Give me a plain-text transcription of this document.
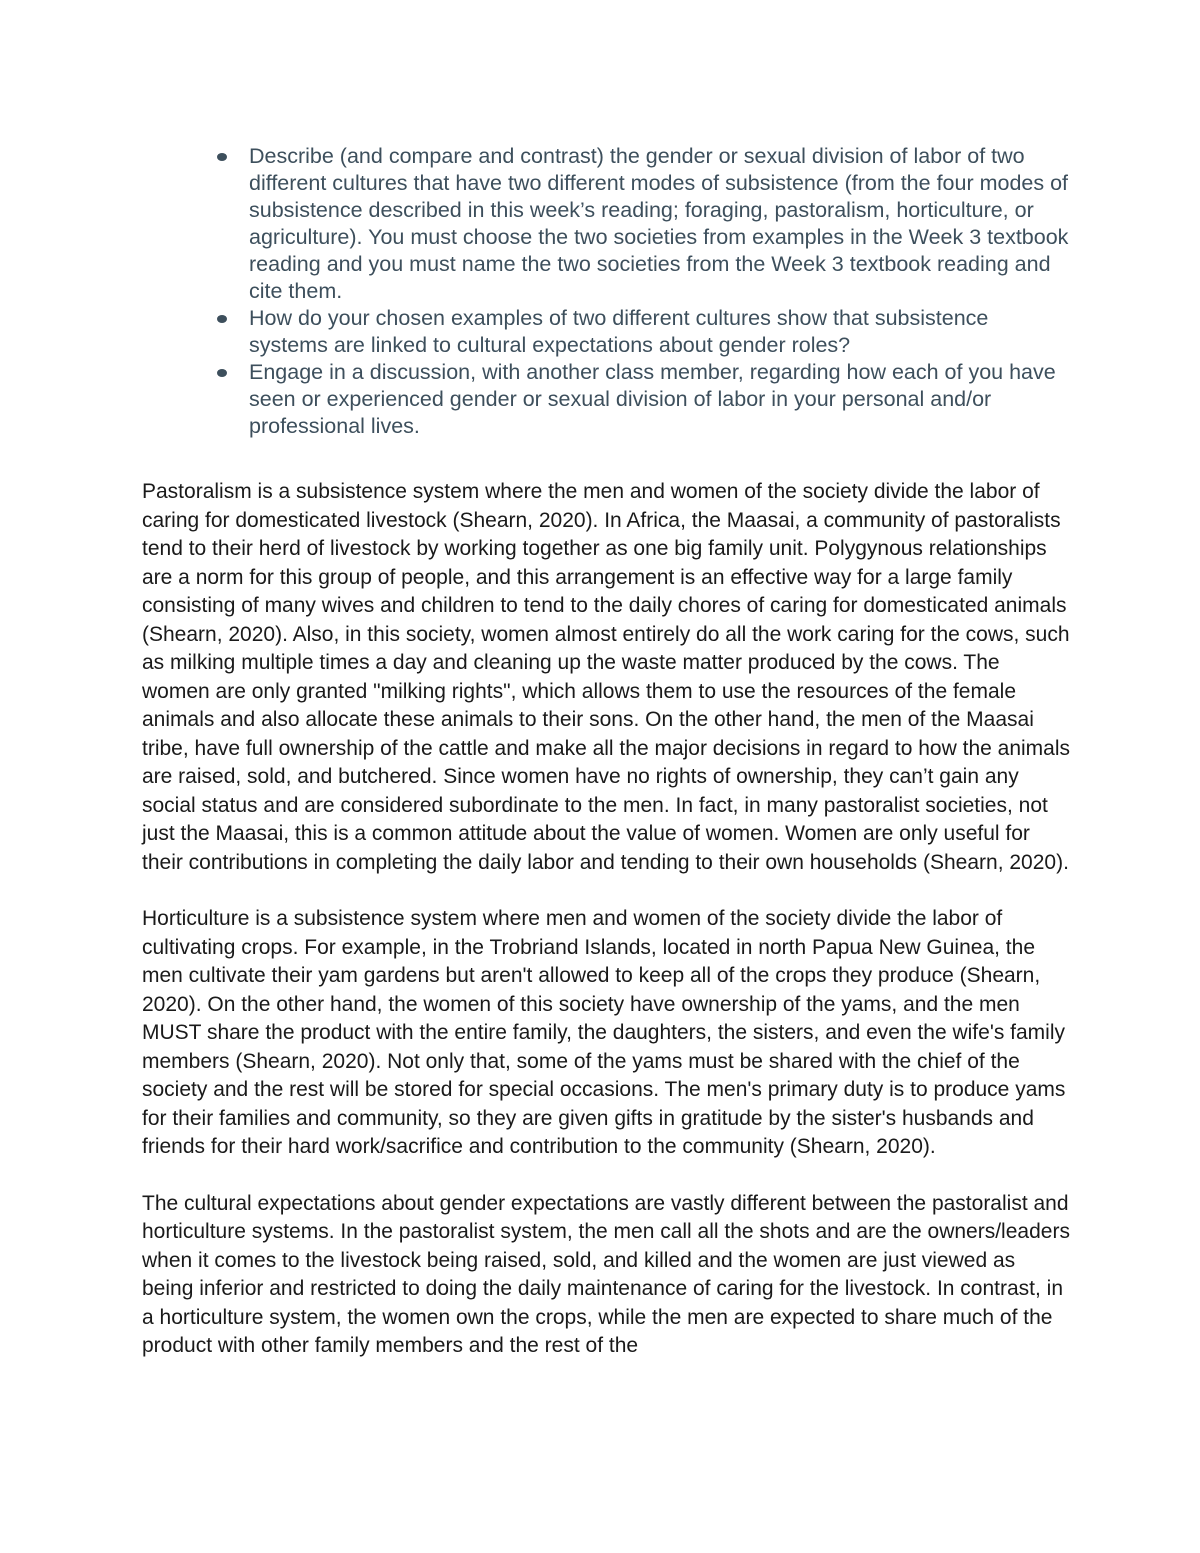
Describe (and compare and contrast) the gender or sexual division of labor of two different cultures that have two different modes of subsistence (from the four modes of subsistence described in this week’s reading; foraging, pastoralism, horticulture, or agriculture). You must choose the two societies from examples in the Week 3 textbook reading and you must name the two societies from the Week 3 textbook reading and cite them.
How do your chosen examples of two different cultures show that subsistence systems are linked to cultural expectations about gender roles?
Engage in a discussion, with another class member, regarding how each of you have seen or experienced gender or sexual division of labor in your personal and/or professional lives.

Pastoralism is a subsistence system where the men and women of the society divide the labor of caring for domesticated livestock (Shearn, 2020). In Africa, the Maasai, a community of pastoralists tend to their herd of livestock by working together as one big family unit. Polygynous relationships are a norm for this group of people, and this arrangement is an effective way for a large family consisting of many wives and children to tend to the daily chores of caring for domesticated animals (Shearn, 2020). Also, in this society, women almost entirely do all the work caring for the cows, such as milking multiple times a day and cleaning up the waste matter produced by the cows. The women are only granted "milking rights", which allows them to use the resources of the female animals and also allocate these animals to their sons. On the other hand, the men of the Maasai tribe, have full ownership of the cattle and make all the major decisions in regard to how the animals are raised, sold, and butchered. Since women have no rights of ownership, they can’t gain any social status and are considered subordinate to the men. In fact, in many pastoralist societies, not just the Maasai, this is a common attitude about the value of women. Women are only useful for their contributions in completing the daily labor and tending to their own households (Shearn, 2020).

Horticulture is a subsistence system where men and women of the society divide the labor of cultivating crops. For example, in the Trobriand Islands, located in north Papua New Guinea, the men cultivate their yam gardens but aren't allowed to keep all of the crops they produce (Shearn, 2020). On the other hand, the women of this society have ownership of the yams, and the men MUST share the product with the entire family, the daughters, the sisters, and even the wife's family members (Shearn, 2020). Not only that, some of the yams must be shared with the chief of the society and the rest will be stored for special occasions. The men's primary duty is to produce yams for their families and community, so they are given gifts in gratitude by the sister's husbands and friends for their hard work/sacrifice and contribution to the community (Shearn, 2020).

The cultural expectations about gender expectations are vastly different between the pastoralist and horticulture systems. In the pastoralist system, the men call all the shots and are the owners/leaders when it comes to the livestock being raised, sold, and killed and the women are just viewed as being inferior and restricted to doing the daily maintenance of caring for the livestock. In contrast, in a horticulture system, the women own the crops, while the men are expected to share much of the product with other family members and the rest of the
